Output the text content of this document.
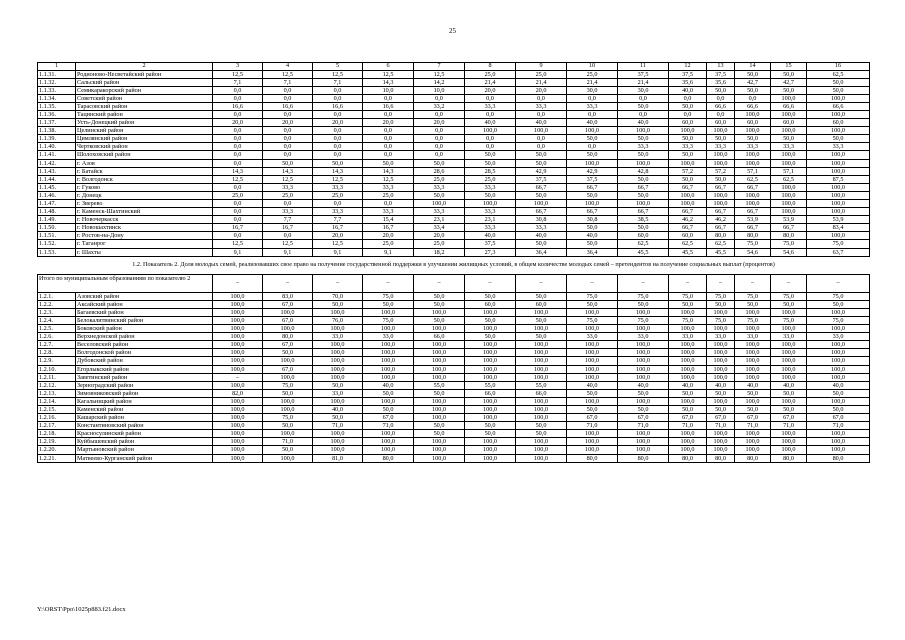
25
1	2	3	4	5	6	7	8	9	10	11	12	13	14	15	16
1.1.31.	Родионово-Несветайский район	12,5	12,5	12,5	12,5	12,5	25,0	25,0	25,0	37,5	37,5	37,5	50,0	50,0	62,5
1.1.32.	Сальский район	7,1	7,1	7,1	14,3	14,2	21,4	21,4	21,4	21,4	35,6	35,6	42,7	42,7	50,0
1.1.33.	Семикаракорский район	0,0	0,0	0,0	10,0	10,0	20,0	20,0	30,0	30,0	40,0	50,0	50,0	50,0	50,0
1.1.34.	Советский район	0,0	0,0	0,0	0,0	0,0	0,0	0,0	0,0	0,0	0,0	0,0	0,0	100,0	100,0
1.1.35.	Тарасовский район	16,6	16,6	16,6	16,6	33,2	33,3	33,3	33,3	50,0	50,0	66,6	66,6	66,6	66,6
1.1.36.	Тацинский район	0,0	0,0	0,0	0,0	0,0	0,0	0,0	0,0	0,0	0,0	0,0	100,0	100,0	100,0
1.1.37.	Усть-Донецкий район	20,0	20,0	20,0	20,0	20,0	40,0	40,0	40,0	40,0	60,0	60,0	60,0	60,0	60,0
1.1.38.	Целинский район	0,0	0,0	0,0	0,0	0,0	100,0	100,0	100,0	100,0	100,0	100,0	100,0	100,0	100,0
1.1.39.	Цимлянский район	0,0	0,0	0,0	0,0	0,0	0,0	0,0	50,0	50,0	50,0	50,0	50,0	50,0	50,0
1.1.40.	Чертковский район	0,0	0,0	0,0	0,0	0,0	0,0	0,0	0,0	33,3	33,3	33,3	33,3	33,3	33,3
1.1.41.	Шолоховский район	0,0	0,0	0,0	0,0	0,0	50,0	50,0	50,0	50,0	50,0	100,0	100,0	100,0	100,0
1.1.42.	г. Азов	0,0	50,0	50,0	50,0	50,0	50,0	50,0	100,0	100,0	100,0	100,0	100,0	100,0	100,0
1.1.43.	г. Батайск	14,3	14,3	14,3	14,3	28,6	28,5	42,9	42,9	42,8	57,2	57,2	57,1	57,1	100,0
1.1.44.	г. Волгодонск	12,5	12,5	12,5	12,5	25,0	25,0	37,5	37,5	50,0	50,0	50,0	62,5	62,5	87,5
1.1.45.	г. Гуково	0,0	33,3	33,3	33,3	33,3	33,3	66,7	66,7	66,7	66,7	66,7	66,7	100,0	100,0
1.1.46.	г. Донецк	25,0	25,0	25,0	25,0	50,0	50,0	50,0	50,0	50,0	100,0	100,0	100,0	100,0	100,0
1.1.47.	г. Зверево	0,0	0,0	0,0	0,0	100,0	100,0	100,0	100,0	100,0	100,0	100,0	100,0	100,0	100,0
1.1.48.	г. Каменск-Шахтинский	0,0	33,3	33,3	33,3	33,3	33,3	66,7	66,7	66,7	66,7	66,7	66,7	100,0	100,0
1.1.49.	г. Новочеркасск	0,0	7,7	7,7	15,4	23,1	23,1	30,8	30,8	38,5	46,2	46,2	53,9	53,9	53,9
1.1.50.	г. Новошахтинск	16,7	16,7	16,7	16,7	33,4	33,3	33,3	50,0	50,0	66,7	66,7	66,7	66,7	83,4
1.1.51.	г. Ростов-на-Дону	0,0	0,0	20,0	20,0	20,0	40,0	40,0	40,0	60,0	60,0	80,0	80,0	80,0	100,0
1.1.52.	г. Таганрог	12,5	12,5	12,5	25,0	25,0	37,5	50,0	50,0	62,5	62,5	62,5	75,0	75,0	75,0
1.1.53.	г. Шахты	9,1	9,1	9,1	9,1	18,2	27,3	36,4	36,4	45,5	45,5	45,5	54,6	54,6	63,7
1.2. Показатель 2. Доля молодых семей, реализовавших свое право на получение государственной поддержки в улучшении жилищных условий, в общем количестве молодых семей – претендентов на получение социальных выплат (процентов)															
Итого по муниципальным образованиям по показателю 2		–	–	–	–	–	–	–	–	–	–	–	–	–	–
1.2.1.	Азовский район	100,0	83,0	70,0	75,0	50,0	50,0	50,0	75,0	75,0	75,0	75,0	75,0	75,0	75,0
1.2.2.	Аксайский район	100,0	67,0	50,0	50,0	50,0	60,0	60,0	50,0	50,0	50,0	50,0	50,0	50,0	50,0
1.2.3.	Багаевский район	100,0	100,0	100,0	100,0	100,0	100,0	100,0	100,0	100,0	100,0	100,0	100,0	100,0	100,0
1.2.4.	Белокалитвинский район	100,0	67,0	76,0	75,0	50,0	50,0	50,0	75,0	75,0	75,0	75,0	75,0	75,0	75,0
1.2.5.	Боковский район	100,0	100,0	100,0	100,0	100,0	100,0	100,0	100,0	100,0	100,0	100,0	100,0	100,0	100,0
1.2.6.	Верхнедонской район	100,0	80,0	33,0	33,0	66,0	50,0	50,0	33,0	33,0	33,0	33,0	33,0	33,0	33,0
1.2.7.	Веселовский район	100,0	67,0	100,0	100,0	100,0	100,0	100,0	100,0	100,0	100,0	100,0	100,0	100,0	100,0
1.2.8.	Волгодонской район	100,0	50,0	100,0	100,0	100,0	100,0	100,0	100,0	100,0	100,0	100,0	100,0	100,0	100,0
1.2.9.	Дубовский район	100,0	100,0	100,0	100,0	100,0	100,0	100,0	100,0	100,0	100,0	100,0	100,0	100,0	100,0
1.2.10.	Егорлыкский район	100,0	67,0	100,0	100,0	100,0	100,0	100,0	100,0	100,0	100,0	100,0	100,0	100,0	100,0
1.2.11.	Заветинский район	–	100,0	100,0	100,0	100,0	100,0	100,0	100,0	100,0	100,0	100,0	100,0	100,0	100,0
1.2.12.	Зерноградский район	100,0	75,0	50,0	40,0	55,0	55,0	55,0	40,0	40,0	40,0	40,0	40,0	40,0	40,0
1.2.13.	Зимовниковский район	82,0	50,0	33,0	50,0	50,0	66,0	66,0	50,0	50,0	50,0	50,0	50,0	50,0	50,0
1.2.14.	Кагальницкий район	100,0	100,0	100,0	100,0	100,0	100,0	100,0	100,0	100,0	100,0	100,0	100,0	100,0	100,0
1.2.15.	Каменский район	100,0	100,0	40,0	50,0	100,0	100,0	100,0	50,0	50,0	50,0	50,0	50,0	50,0	50,0
1.2.16.	Кашарский район	100,0	75,0	50,0	67,0	100,0	100,0	100,0	67,0	67,0	67,0	67,0	67,0	67,0	67,0
1.2.17.	Константиновский район	100,0	50,0	71,0	71,0	50,0	50,0	50,0	71,0	71,0	71,0	71,0	71,0	71,0	71,0
1.2.18.	Красносулинский район	100,0	100,0	100,0	100,0	50,0	50,0	50,0	100,0	100,0	100,0	100,0	100,0	100,0	100,0
1.2.19.	Куйбышевский район	100,0	71,0	100,0	100,0	100,0	100,0	100,0	100,0	100,0	100,0	100,0	100,0	100,0	100,0
1.2.20.	Мартыновский район	100,0	50,0	100,0	100,0	100,0	100,0	100,0	100,0	100,0	100,0	100,0	100,0	100,0	100,0
1.2.21.	Матвеево-Курганский район	100,0	100,0	81,0	80,0	100,0	100,0	100,0	80,0	80,0	80,0	80,0	80,0	80,0	80,0
Y:\ORST\Ppo\1025p883.f21.docx
